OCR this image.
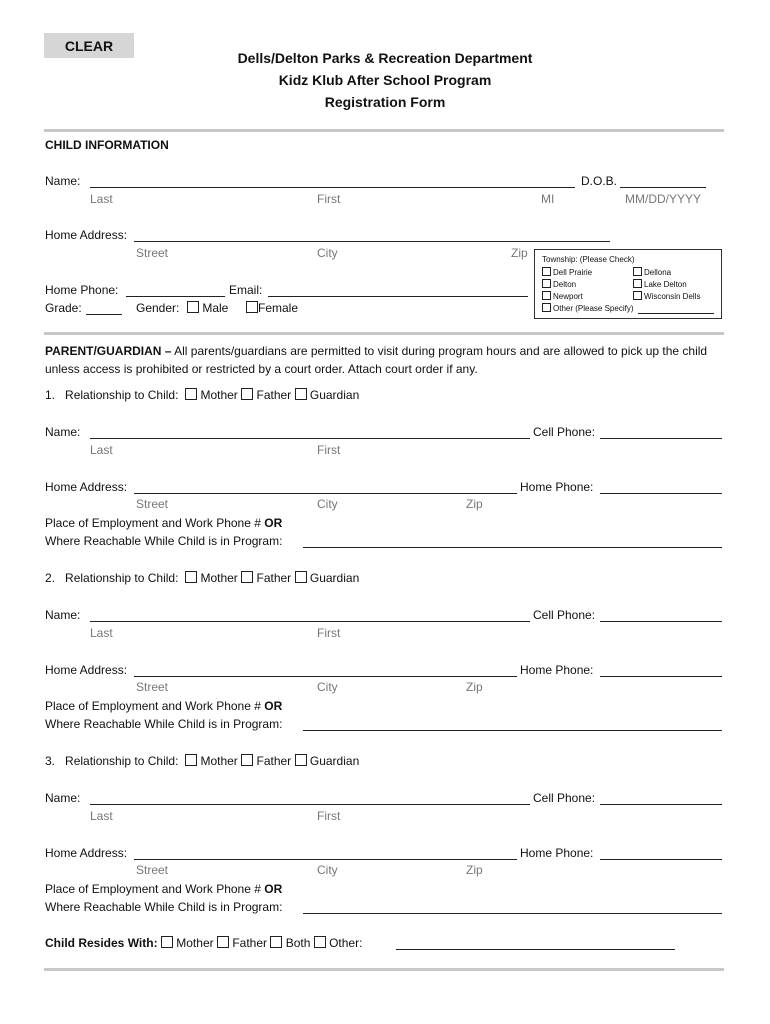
CLEAR
Dells/Delton Parks & Recreation Department
Kidz Klub After School Program
Registration Form
CHILD INFORMATION
Name:	D.O.B.
Last	First	MI	MM/DD/YYYY
Home Address:
Street	City	Zip Township: (Please Check)
Dell Prairie	Dellona
Delton	Lake Delton
Newport	Wisconsin Dells
Other (Please Specify)
Home Phone:	Email:
Grade:	Gender:	Male	Female
PARENT/GUARDIAN – All parents/guardians are permitted to visit during program hours and are allowed to pick up the child unless access is prohibited or restricted by a court order. Attach court order if any.
1. Relationship to Child: Mother Father Guardian
Name:	Cell Phone:
Last	First
Home Address:	Home Phone:
Street	City	Zip
Place of Employment and Work Phone # OR
Where Reachable While Child is in Program:
2. Relationship to Child: Mother Father Guardian
Name:	Cell Phone:
Last	First
Home Address:	Home Phone:
Street	City	Zip
Place of Employment and Work Phone # OR
Where Reachable While Child is in Program:
3. Relationship to Child: Mother Father Guardian
Name:	Cell Phone:
Last	First
Home Address:	Home Phone:
Street	City	Zip
Place of Employment and Work Phone # OR
Where Reachable While Child is in Program:
Child Resides With: Mother Father Both Other:
